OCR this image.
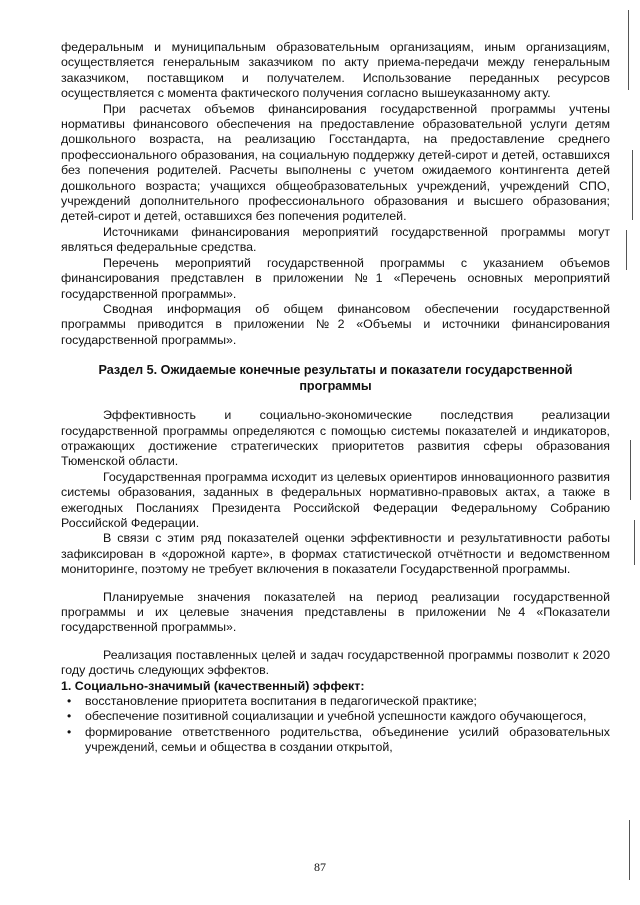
федеральным и муниципальным образовательным организациям, иным организациям, осуществляется генеральным заказчиком по акту приема-передачи между генеральным заказчиком, поставщиком и получателем. Использование переданных ресурсов осуществляется с момента фактического получения согласно вышеуказанному акту.

При расчетах объемов финансирования государственной программы учтены нормативы финансового обеспечения на предоставление образовательной услуги детям дошкольного возраста, на реализацию Госстандарта, на предоставление среднего профессионального образования, на социальную поддержку детей-сирот и детей, оставшихся без попечения родителей. Расчеты выполнены с учетом ожидаемого контингента детей дошкольного возраста; учащихся общеобразовательных учреждений, учреждений СПО, учреждений дополнительного профессионального образования и высшего образования; детей-сирот и детей, оставшихся без попечения родителей.

Источниками финансирования мероприятий государственной программы могут являться федеральные средства.

Перечень мероприятий государственной программы с указанием объемов финансирования представлен в приложении №1 «Перечень основных мероприятий государственной программы».

Сводная информация об общем финансовом обеспечении государственной программы приводится в приложении №2 «Объемы и источники финансирования государственной программы».

Раздел 5. Ожидаемые конечные результаты и показатели государственной программы

Эффективность и социально-экономические последствия реализации государственной программы определяются с помощью системы показателей и индикаторов, отражающих достижение стратегических приоритетов развития сферы образования Тюменской области.

Государственная программа исходит из целевых ориентиров инновационного развития системы образования, заданных в федеральных нормативно-правовых актах, а также в ежегодных Посланиях Президента Российской Федерации Федеральному Собранию Российской Федерации.

В связи с этим ряд показателей оценки эффективности и результативности работы зафиксирован в «дорожной карте», в формах статистической отчётности и ведомственном мониторинге, поэтому не требует включения в показатели Государственной программы.

Планируемые значения показателей на период реализации государственной программы и их целевые значения представлены в приложении №4 «Показатели государственной программы».

Реализация поставленных целей и задач государственной программы позволит к 2020 году достичь следующих эффектов.

1. Социально-значимый (качественный) эффект:

• восстановление приоритета воспитания в педагогической практике;
• обеспечение позитивной социализации и учебной успешности каждого обучающегося,
• формирование ответственного родительства, объединение усилий образовательных учреждений, семьи и общества в создании открытой,
87
